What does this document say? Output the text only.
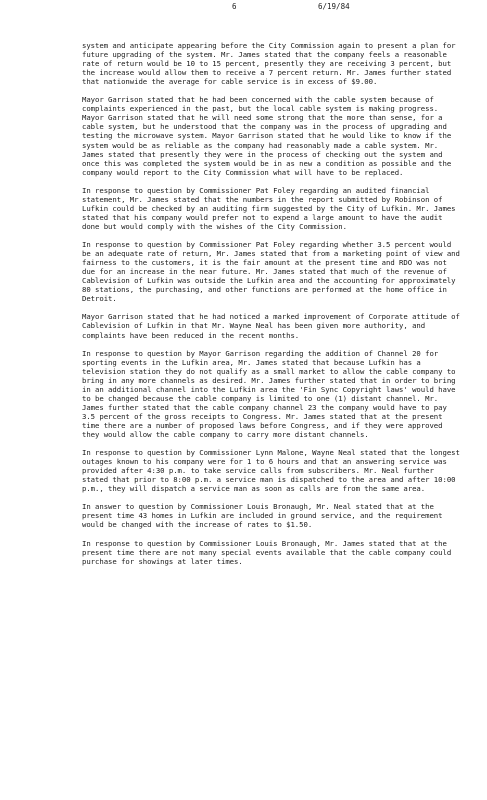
6	6/19/84

system and anticipate appearing before the City Commission again to present a plan for future upgrading of the system. Mr. James stated that the company feels a reasonable rate of return would be 10 to 15 percent, presently they are receiving 3 percent, but the increase would allow them to receive a 7 percent return. Mr. James further stated that nationwide the average for cable service is in excess of $9.00.

Mayor Garrison stated that he had been concerned with the cable system because of complaints experienced in the past, but the local cable system is making progress. Mayor Garrison stated that he will need some strong that the more than sense, for a cable system, but he understood that the company was in the process of upgrading and testing the microwave system. Mayor Garrison stated that he would like to know if the system would be as reliable as the company had reasonably made a cable system. Mr. James stated that presently they were in the process of checking out the system and once this was completed the system would be in as new a condition as possible and the company would report to the City Commission what will have to be replaced.

In response to question by Commissioner Pat Foley regarding an audited financial statement, Mr. James stated that the numbers in the report submitted by Robinson of Lufkin could be checked by an auditing firm suggested by the City of Lufkin. Mr. James stated that his company would prefer not to expend a large amount to have the audit done but would comply with the wishes of the City Commission.

In response to question by Commissioner Pat Foley regarding whether 3.5 percent would be an adequate rate of return, Mr. James stated that from a marketing point of view and fairness to the customers, it is the fair amount at the present time and RDO was not due for an increase in the near future. Mr. James stated that much of the revenue of Cablevision of Lufkin was outside the Lufkin area and the accounting for approximately 80 stations, the purchasing, and other functions are performed at the home office in Detroit.

Mayor Garrison stated that he had noticed a marked improvement of Corporate attitude of Cablevision of Lufkin in that Mr. Wayne Neal has been given more authority, and complaints have been reduced in the recent months.

In response to question by Mayor Garrison regarding the addition of Channel 20 for sporting events in the Lufkin area, Mr. James stated that because Lufkin has a television station they do not qualify as a small market to allow the cable company to bring in any more channels as desired. Mr. James further stated that in order to bring in an additional channel into the Lufkin area the 'Fin Sync Copyright laws' would have to be changed because the cable company is limited to one (1) distant channel. Mr. James further stated that the cable company channel 23 the company would have to pay 3.5 percent of the gross receipts to Congress. Mr. James stated that at the present time there are a number of proposed laws before Congress, and if they were approved they would allow the cable company to carry more distant channels.

In response to question by Commissioner Lynn Malone, Wayne Neal stated that the longest outages known to his company were for 1 to 6 hours and that an answering service was provided after 4:30 p.m. to take service calls from subscribers. Mr. Neal further stated that prior to 8:00 p.m. a service man is dispatched to the area and after 10:00 p.m., they will dispatch a service man as soon as calls are from the same area.

In answer to question by Commissioner Louis Bronaugh, Mr. Neal stated that at the present time 43 homes in Lufkin are included in ground service, and the requirement would be changed with the increase of rates to $1.50.

In response to question by Commissioner Louis Bronaugh, Mr. James stated that at the present time there are not many special events available that the cable company could purchase for showings at later times.
